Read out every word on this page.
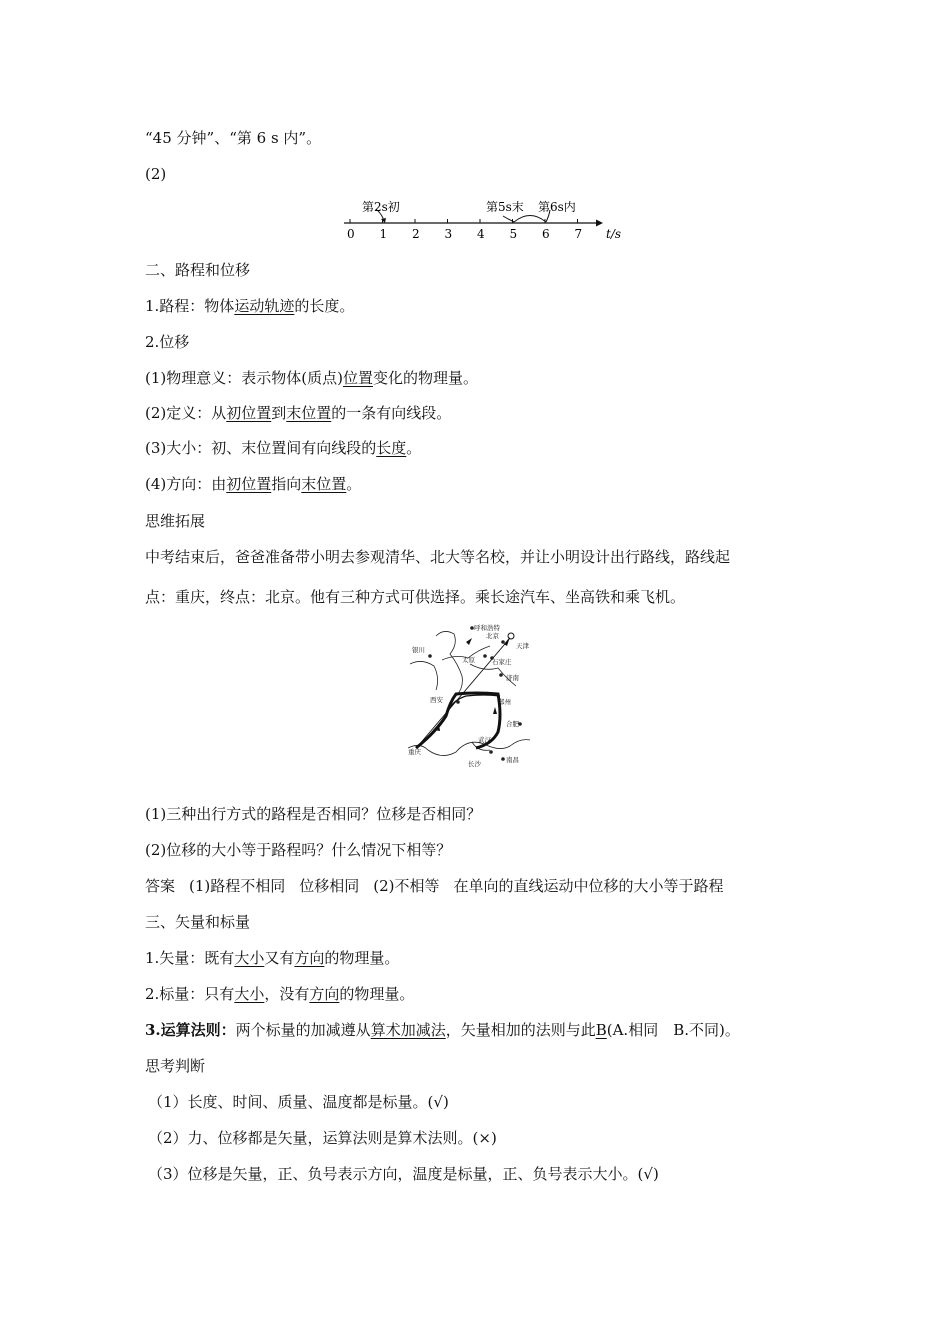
“45 分钟”、“第 6 s 内”。
(2)
0 1 2 3 4 5 6 7
第2s初	第5s末 第6s内
t/s
二、路程和位移
1.路程：物体运动轨迹的长度。
2.位移
(1)物理意义：表示物体(质点)位置变化的物理量。
(2)定义：从初位置到末位置的一条有向线段。
(3)大小：初、末位置间有向线段的长度。
(4)方向：由初位置指向末位置。
思维拓展
中考结束后，爸爸准备带小明去参观清华、北大等名校，并让小明设计出行路线，路线起
点：重庆，终点：北京。他有三种方式可供选择。乘长途汽车、坐高铁和乘飞机。
呼和浩特
北京
天津
银川
太原	石家庄
济南
西安	郑州
合肥
武汉
重庆
长沙	南昌
(1)三种出行方式的路程是否相同？位移是否相同？
(2)位移的大小等于路程吗？什么情况下相等？
答案 (1)路程不相同 位移相同 (2)不相等 在单向的直线运动中位移的大小等于路程
三、矢量和标量
1.矢量：既有大小又有方向的物理量。
2.标量：只有大小，没有方向的物理量。
3.运算法则：两个标量的加减遵从算术加减法，矢量相加的法则与此B(A.相同　B.不同)。
思考判断
（1）长度、时间、质量、温度都是标量。(√)
（2）力、位移都是矢量，运算法则是算术法则。(×)
（3）位移是矢量，正、负号表示方向，温度是标量，正、负号表示大小。(√)
